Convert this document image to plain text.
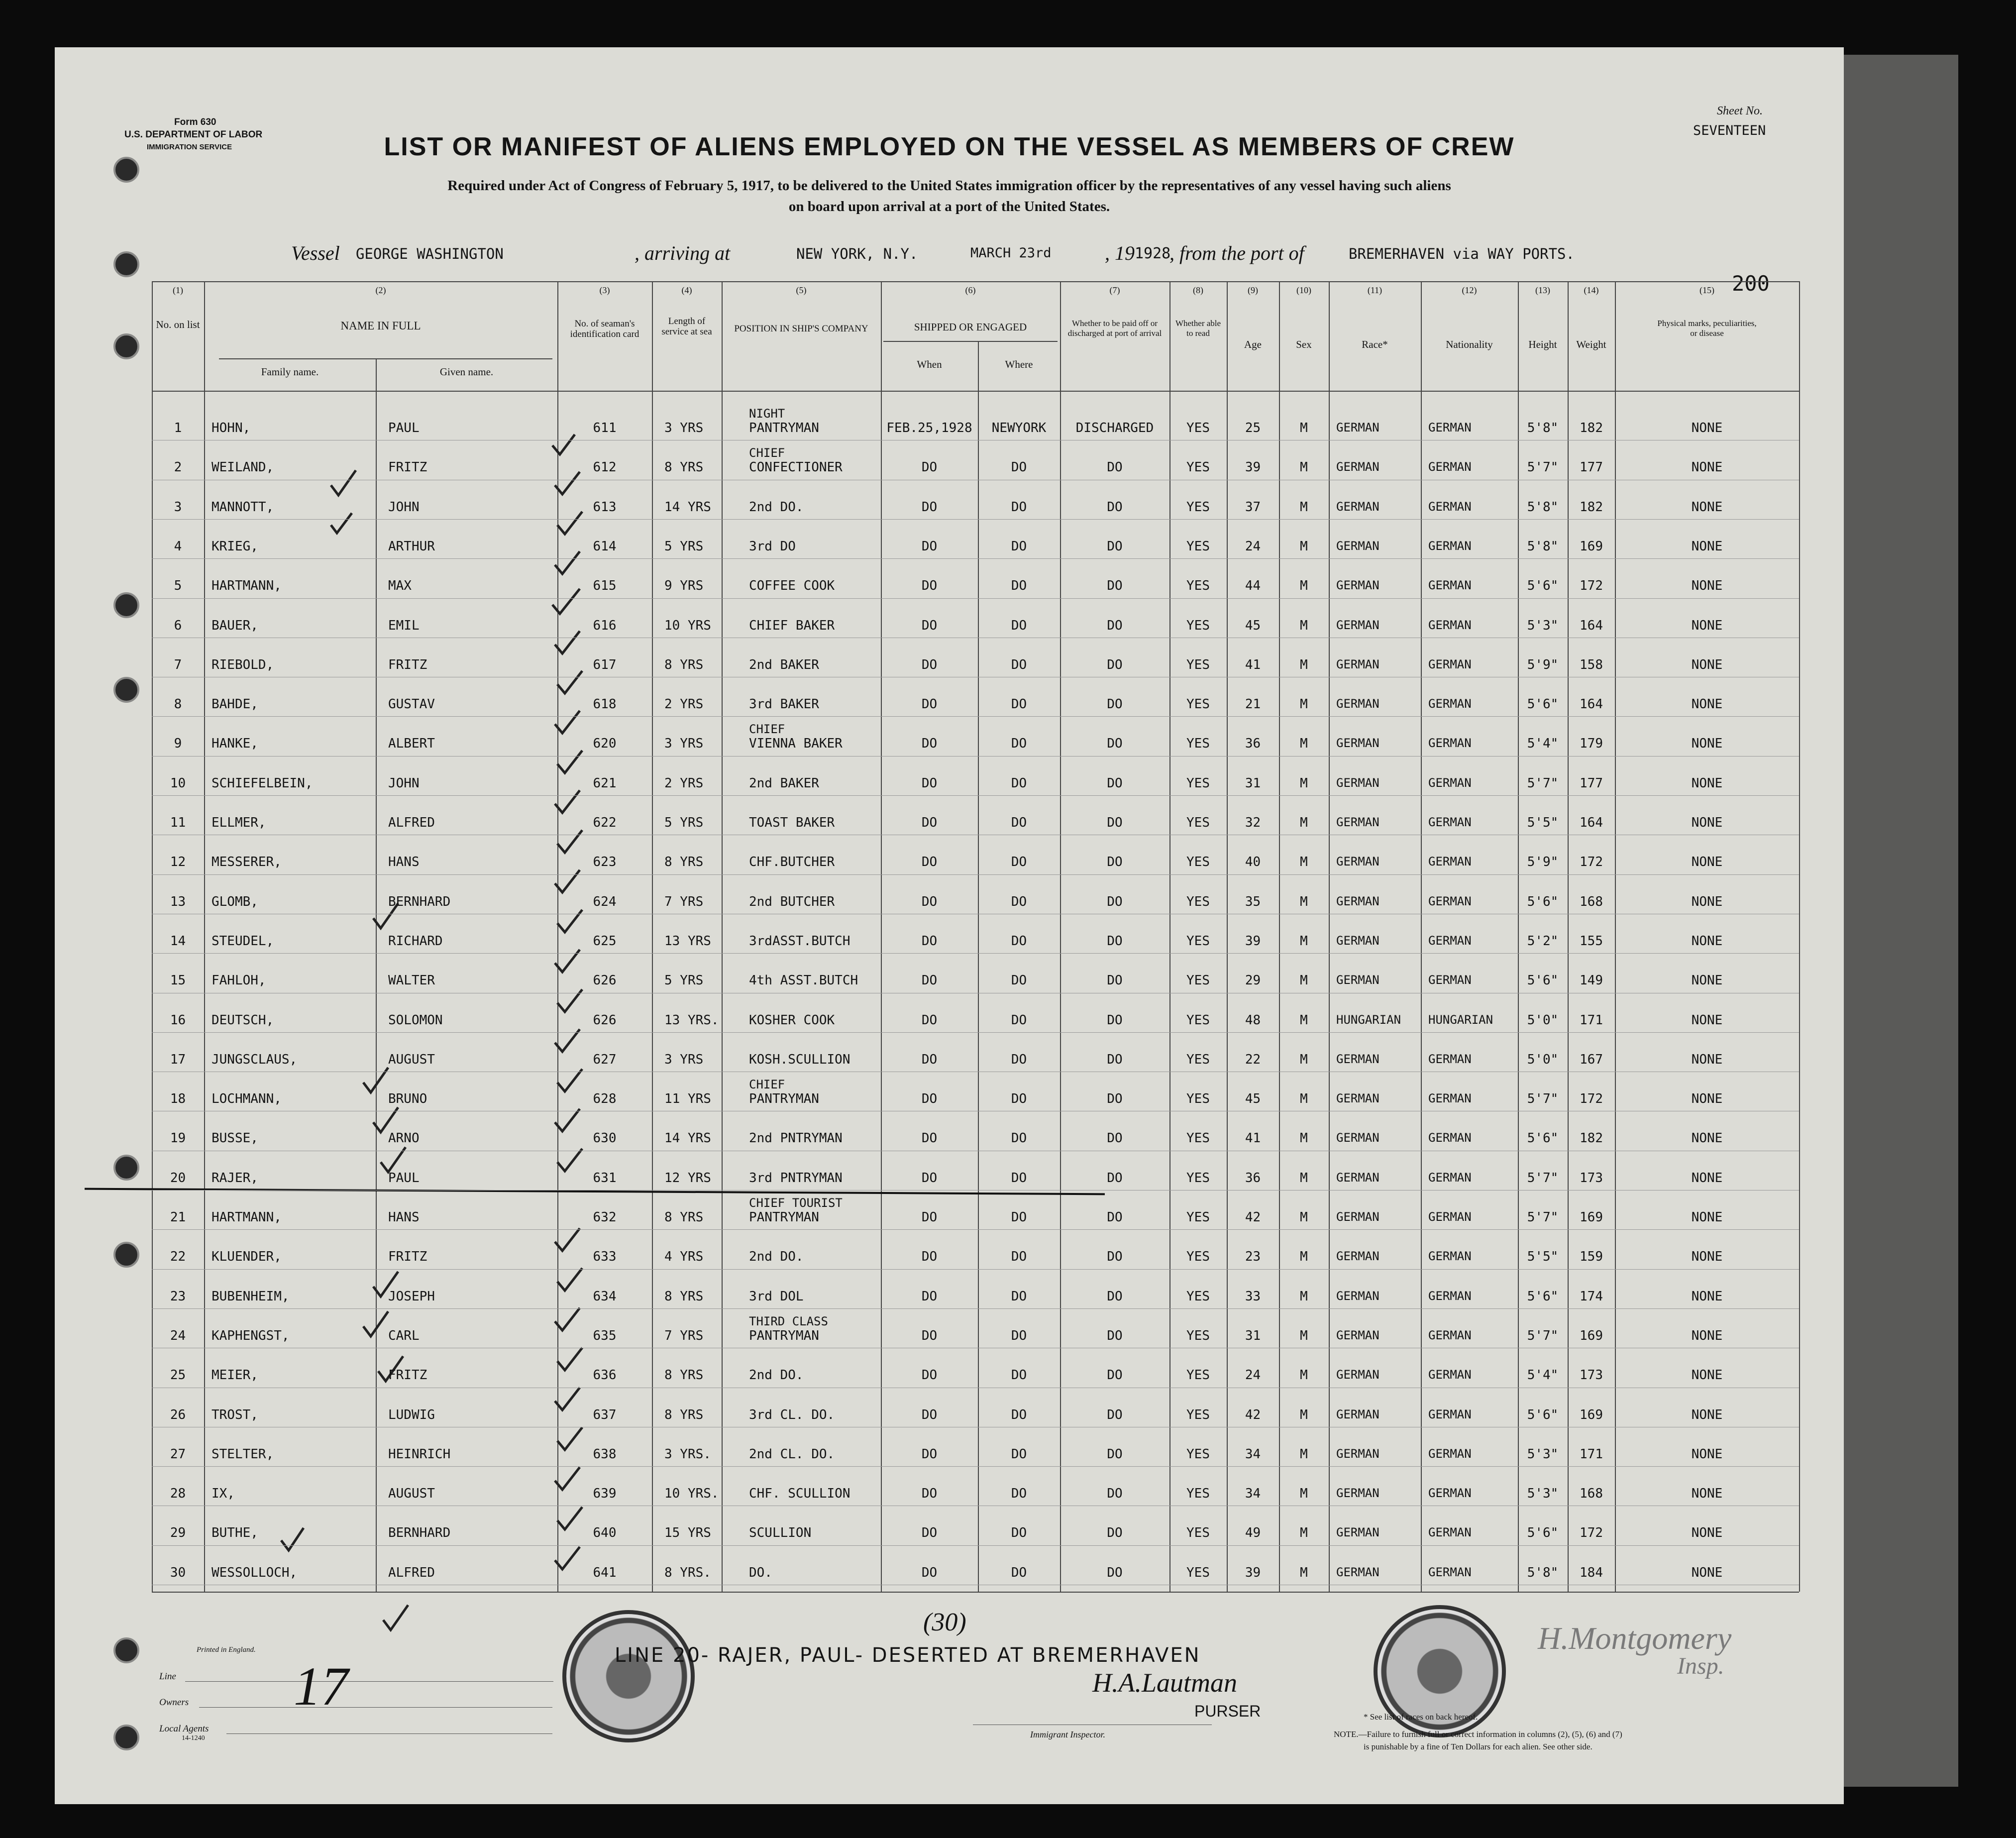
Form 630
U.S. DEPARTMENT OF LABOR
IMMIGRATION SERVICE
Sheet No.
SEVENTEEN
200
LIST OR MANIFEST OF ALIENS EMPLOYED ON THE VESSEL AS MEMBERS OF CREW
Required under Act of Congress of February 5, 1917, to be delivered to the United States immigration officer by the representatives of any vessel having such aliens
on board upon arrival at a port of the United States.
Vessel GEORGE WASHINGTON	, arriving at	NEW YORK, N.Y.	MARCH 23rd	, 19 1928
, from the port of	BREMERHAVEN via WAY PORTS.
(1)	(2)	(3)	(4)	(5)	(6)	(7)	(8)	(9)	(10)	(11)	(12)	(13)	(14)	(15)
No. on list	NAME IN FULL
Family name.	Given name.
No. of seaman's identification card
Length of service at sea	POSITION IN SHIP'S COMPANY	SHIPPED OR ENGAGED
When	Where
Whether to be paid off or discharged at port of arrival
Whether able to read
Age	Sex	Race*	Nationality	Height	Weight
Physical marks, peculiarities, or disease
Printed in England.
Line
Owners
Local Agents
14-1240
17
(30)
LINE 20- RAJER, PAUL- DESERTED AT BREMERHAVEN
H.A.Lautman
PURSER
H.Montgomery
Insp.
Immigrant Inspector.
* See list of races on back hereof.
NOTE.—Failure to furnish full or correct information in columns (2), (5), (6) and (7)
is punishable by a fine of Ten Dollars for each alien. See other side.
NIGHT
1	HOHN,	PAUL	611	3 YRS	PANTRYMAN	FEB.25,1928	NEWYORK	DISCHARGED	YES	25	M	GERMAN	GERMAN	5'8"	182	NONE
CHIEF
2	WEILAND,	FRITZ	612	8 YRS	CONFECTIONER	DO	DO	DO	YES	39	M	GERMAN	GERMAN	5'7"	177	NONE
3	MANNOTT,	JOHN	613	14 YRS	2nd DO.	DO	DO	DO	YES	37	M	GERMAN	GERMAN	5'8"	182	NONE
4	KRIEG,	ARTHUR	614	5 YRS	3rd DO	DO	DO	DO	YES	24	M	GERMAN	GERMAN	5'8"	169	NONE
5	HARTMANN,	MAX	615	9 YRS	COFFEE COOK	DO	DO	DO	YES	44	M	GERMAN	GERMAN	5'6"	172	NONE
6	BAUER,	EMIL	616	10 YRS	CHIEF BAKER	DO	DO	DO	YES	45	M	GERMAN	GERMAN	5'3"	164	NONE
7	RIEBOLD,	FRITZ	617	8 YRS	2nd BAKER	DO	DO	DO	YES	41	M	GERMAN	GERMAN	5'9"	158	NONE
8	BAHDE,	GUSTAV	618	2 YRS	3rd BAKER	DO	DO	DO	YES	21	M	GERMAN	GERMAN	5'6"	164	NONE
CHIEF
9	HANKE,	ALBERT	620	3 YRS	VIENNA BAKER	DO	DO	DO	YES	36	M	GERMAN	GERMAN	5'4"	179	NONE
10	SCHIEFELBEIN,	JOHN	621	2 YRS	2nd BAKER	DO	DO	DO	YES	31	M	GERMAN	GERMAN	5'7"	177	NONE
11	ELLMER,	ALFRED	622	5 YRS	TOAST BAKER	DO	DO	DO	YES	32	M	GERMAN	GERMAN	5'5"	164	NONE
12	MESSERER,	HANS	623	8 YRS	CHF.BUTCHER	DO	DO	DO	YES	40	M	GERMAN	GERMAN	5'9"	172	NONE
13	GLOMB,	BERNHARD	624	7 YRS	2nd BUTCHER	DO	DO	DO	YES	35	M	GERMAN	GERMAN	5'6"	168	NONE
14	STEUDEL,	RICHARD	625	13 YRS	3rdASST.BUTCH	DO	DO	DO	YES	39	M	GERMAN	GERMAN	5'2"	155	NONE
15	FAHLOH,	WALTER	626	5 YRS	4th ASST.BUTCH	DO	DO	DO	YES	29	M	GERMAN	GERMAN	5'6"	149	NONE
16	DEUTSCH,	SOLOMON	626	13 YRS. KOSHER COOK	DO	DO	DO	YES	48	M	HUNGARIAN	HUNGARIAN	5'0"	171	NONE
17	JUNGSCLAUS,	AUGUST	627	3 YRS	KOSH.SCULLION	DO	DO	DO	YES	22	M	GERMAN	GERMAN	5'0"	167	NONE
CHIEF
18	LOCHMANN,	BRUNO	628	11 YRS	PANTRYMAN	DO	DO	DO	YES	45	M	GERMAN	GERMAN	5'7"	172	NONE
19	BUSSE,	ARNO	630	14 YRS	2nd PNTRYMAN	DO	DO	DO	YES	41	M	GERMAN	GERMAN	5'6"	182	NONE
20	RAJER,	PAUL	631	12 YRS	3rd PNTRYMAN	DO	DO	DO	YES	36	M	GERMAN	GERMAN	5'7"	173	NONE
CHIEF TOURIST
21	HARTMANN,	HANS	632	8 YRS	PANTRYMAN	DO	DO	DO	YES	42	M	GERMAN	GERMAN	5'7"	169	NONE
22	KLUENDER,	FRITZ	633	4 YRS	2nd DO.	DO	DO	DO	YES	23	M	GERMAN	GERMAN	5'5"	159	NONE
23	BUBENHEIM,	JOSEPH	634	8 YRS	3rd DOL	DO	DO	DO	YES	33	M	GERMAN	GERMAN	5'6"	174	NONE
THIRD CLASS
24	KAPHENGST,	CARL	635	7 YRS	PANTRYMAN	DO	DO	DO	YES	31	M	GERMAN	GERMAN	5'7"	169	NONE
25	MEIER,	FRITZ	636	8 YRS	2nd DO.	DO	DO	DO	YES	24	M	GERMAN	GERMAN	5'4"	173	NONE
26	TROST,	LUDWIG	637	8 YRS	3rd CL. DO.	DO	DO	DO	YES	42	M	GERMAN	GERMAN	5'6"	169	NONE
27	STELTER,	HEINRICH	638	3 YRS.	2nd CL. DO.	DO	DO	DO	YES	34	M	GERMAN	GERMAN	5'3"	171	NONE
28	IX,	AUGUST	639	10 YRS. CHF. SCULLION	DO	DO	DO	YES	34	M	GERMAN	GERMAN	5'3"	168	NONE
29	BUTHE,	BERNHARD	640	15 YRS	SCULLION	DO	DO	DO	YES	49	M	GERMAN	GERMAN	5'6"	172	NONE
30	WESSOLLOCH,	ALFRED	641	8 YRS.	DO.	DO	DO	DO	YES	39	M	GERMAN	GERMAN	5'8"	184	NONE
